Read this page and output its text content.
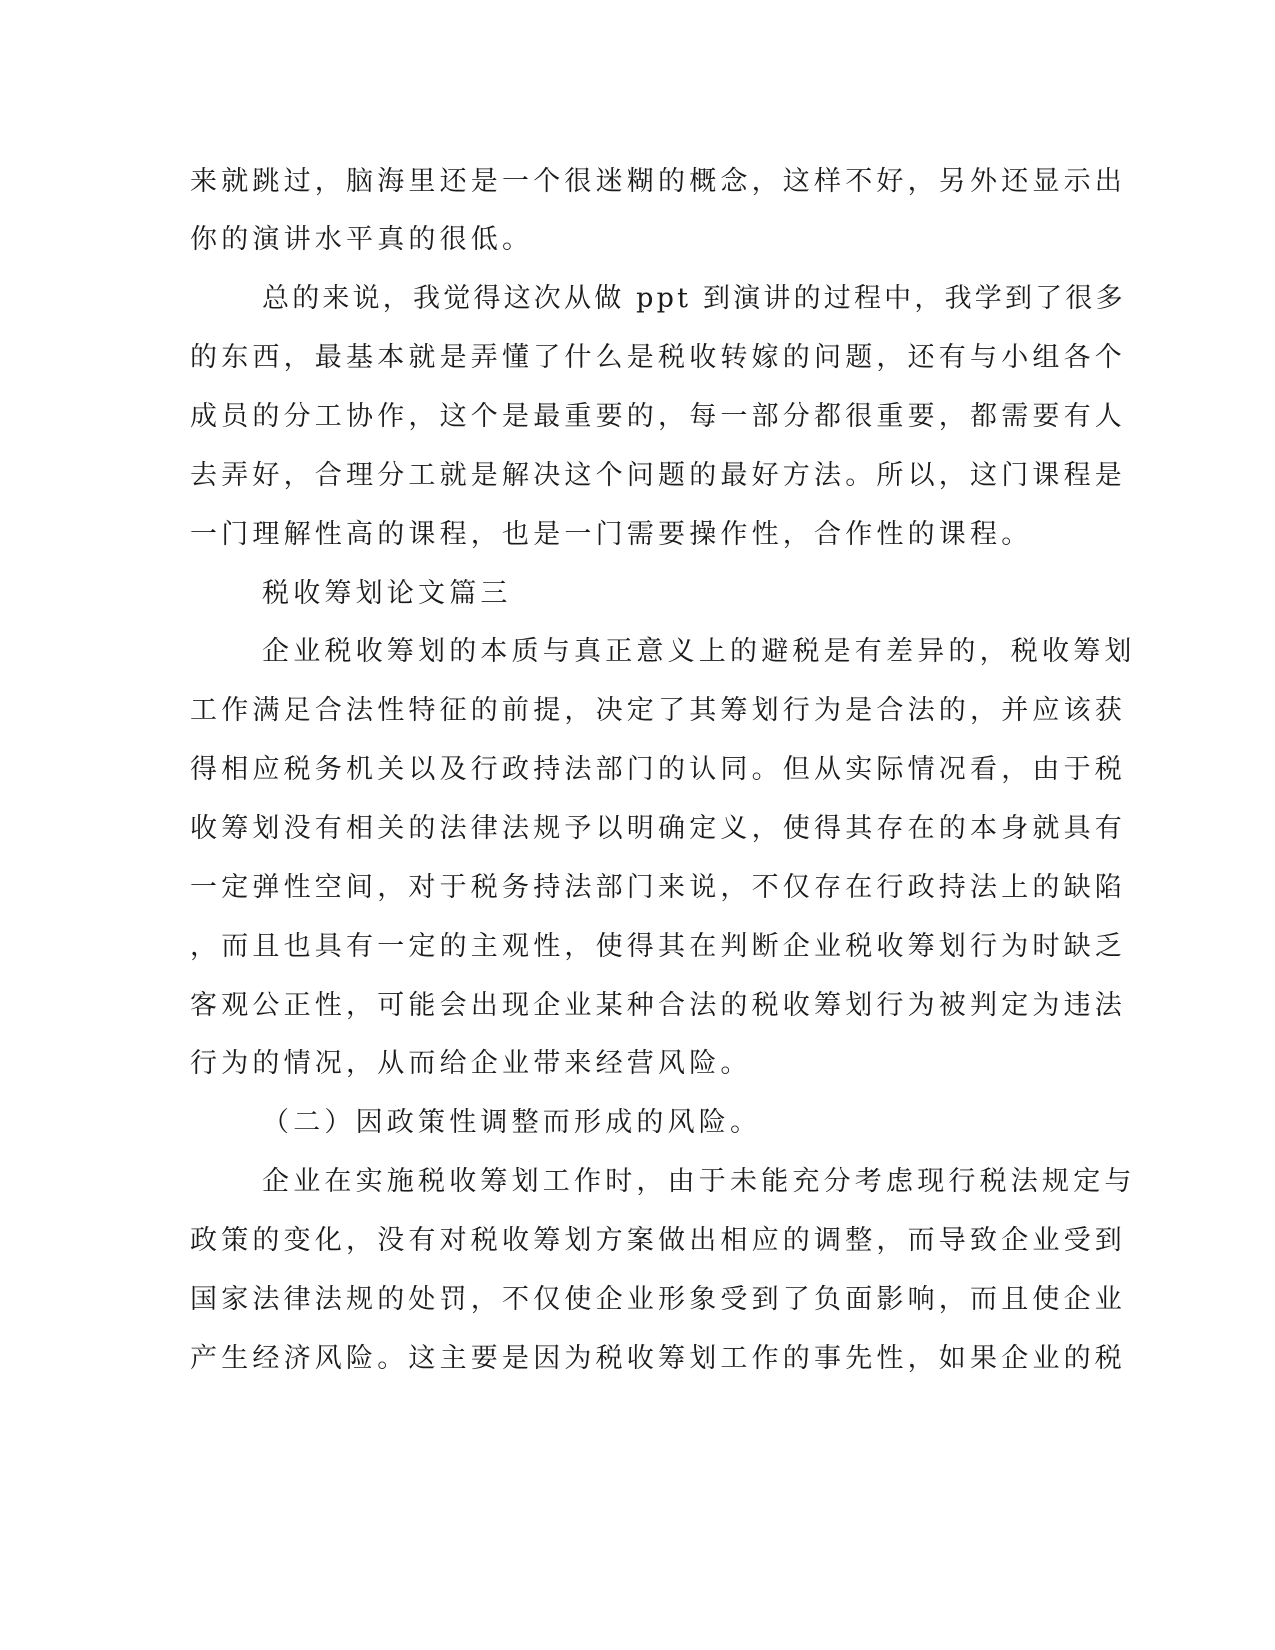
来就跳过，脑海里还是一个很迷糊的概念，这样不好，另外还显示出
你的演讲水平真的很低。
总的来说，我觉得这次从做 ppt 到演讲的过程中，我学到了很多
的东西，最基本就是弄懂了什么是税收转嫁的问题，还有与小组各个
成员的分工协作，这个是最重要的，每一部分都很重要，都需要有人
去弄好，合理分工就是解决这个问题的最好方法。所以，这门课程是
一门理解性高的课程，也是一门需要操作性，合作性的课程。
税收筹划论文篇三
企业税收筹划的本质与真正意义上的避税是有差异的，税收筹划
工作满足合法性特征的前提，决定了其筹划行为是合法的，并应该获
得相应税务机关以及行政持法部门的认同。但从实际情况看，由于税
收筹划没有相关的法律法规予以明确定义，使得其存在的本身就具有
一定弹性空间，对于税务持法部门来说，不仅存在行政持法上的缺陷
，而且也具有一定的主观性，使得其在判断企业税收筹划行为时缺乏
客观公正性，可能会出现企业某种合法的税收筹划行为被判定为违法
行为的情况，从而给企业带来经营风险。
（二）因政策性调整而形成的风险。
企业在实施税收筹划工作时，由于未能充分考虑现行税法规定与
政策的变化，没有对税收筹划方案做出相应的调整，而导致企业受到
国家法律法规的处罚，不仅使企业形象受到了负面影响，而且使企业
产生经济风险。这主要是因为税收筹划工作的事先性，如果企业的税
